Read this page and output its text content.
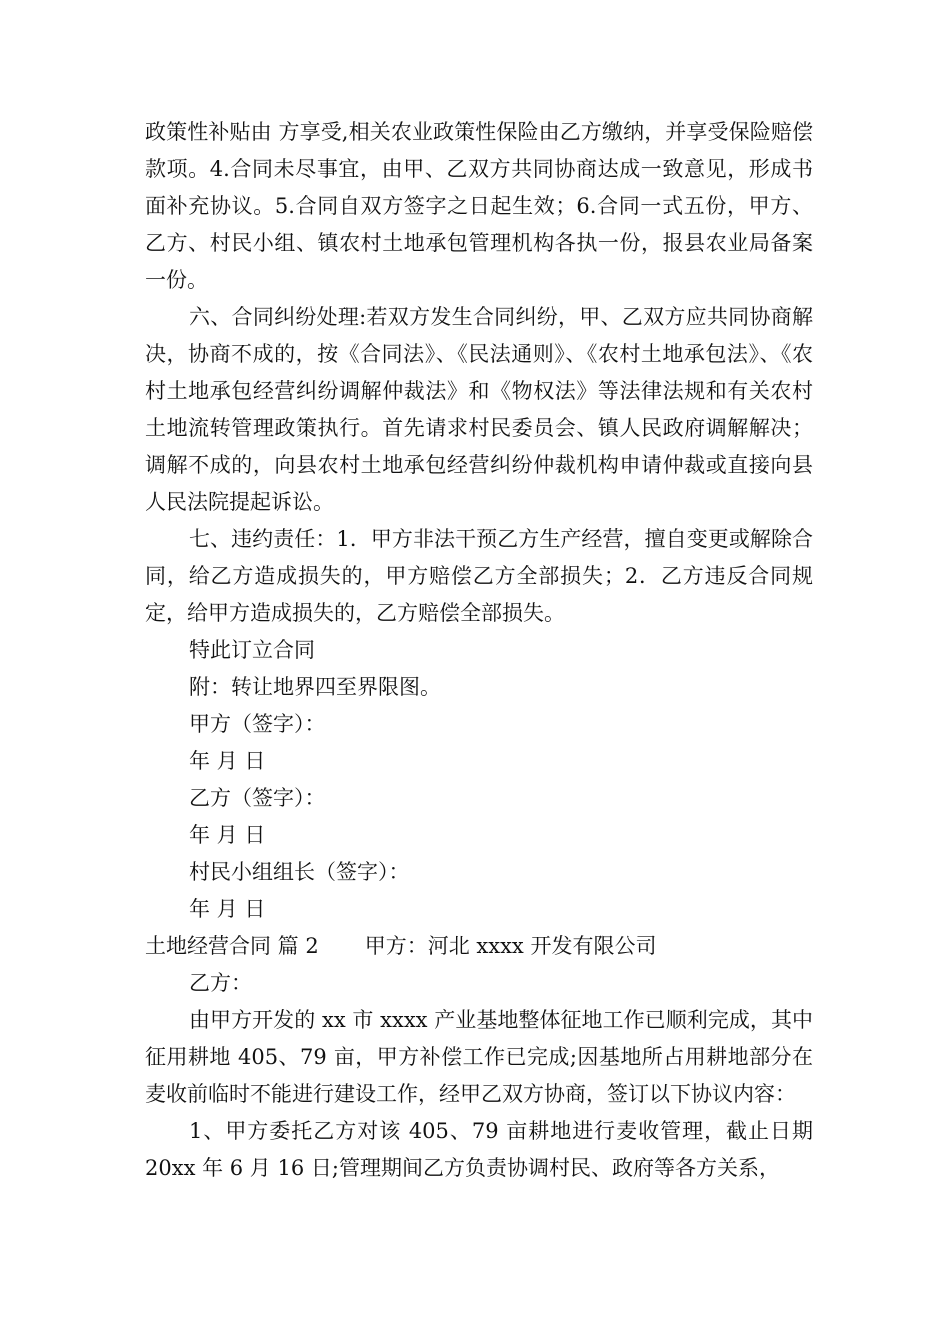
政策性补贴由 方享受,相关农业政策性保险由乙方缴纳，并享受保险赔偿款项。4.合同未尽事宜，由甲、乙双方共同协商达成一致意见，形成书面补充协议。5.合同自双方签字之日起生效；6.合同一式五份，甲方、乙方、村民小组、镇农村土地承包管理机构各执一份，报县农业局备案一份。

六、合同纠纷处理:若双方发生合同纠纷，甲、乙双方应共同协商解决，协商不成的，按《合同法》、《民法通则》、《农村土地承包法》、《农村土地承包经营纠纷调解仲裁法》和《物权法》等法律法规和有关农村土地流转管理政策执行。首先请求村民委员会、镇人民政府调解解决；调解不成的，向县农村土地承包经营纠纷仲裁机构申请仲裁或直接向县人民法院提起诉讼。

七、违约责任：1．甲方非法干预乙方生产经营，擅自变更或解除合同，给乙方造成损失的，甲方赔偿乙方全部损失；2．乙方违反合同规定，给甲方造成损失的，乙方赔偿全部损失。

特此订立合同

附：转让地界四至界限图。

甲方（签字）：

年 月 日

乙方（签字）：

年 月 日

村民小组组长（签字）：

年 月 日

土地经营合同 篇 2 甲方：河北 xxxx 开发有限公司

乙方：

由甲方开发的 xx 市 xxxx 产业基地整体征地工作已顺利完成，其中征用耕地 405、79 亩，甲方补偿工作已完成;因基地所占用耕地部分在麦收前临时不能进行建设工作，经甲乙双方协商，签订以下协议内容：

1、甲方委托乙方对该 405、79 亩耕地进行麦收管理，截止日期 20xx 年 6 月 16 日;管理期间乙方负责协调村民、政府等各方关系，
